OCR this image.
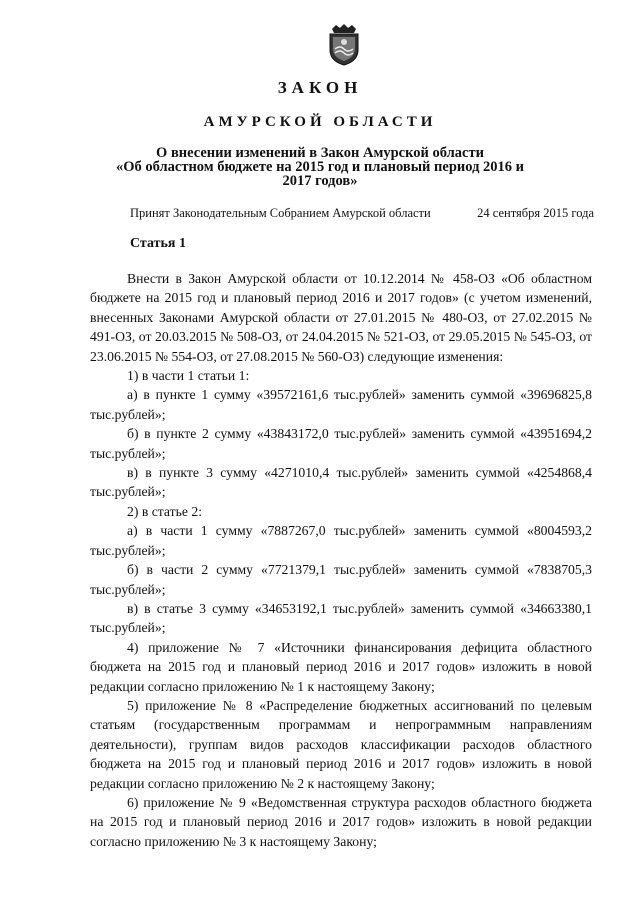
ЗАКОН
АМУРСКОЙ ОБЛАСТИ
О внесении изменений в Закон Амурской области
«Об областном бюджете на 2015 год и плановый период 2016 и
2017 годов»
Принят Законодательным Собранием Амурской области	24 сентября 2015 года
Статья 1

Внести в Закон Амурской области от 10.12.2014 № 458-ОЗ «Об областном бюджете на 2015 год и плановый период 2016 и 2017 годов» (с учетом изменений, внесенных Законами Амурской области от 27.01.2015 № 480-ОЗ, от 27.02.2015 № 491-ОЗ, от 20.03.2015 № 508-ОЗ, от 24.04.2015 № 521-ОЗ, от 29.05.2015 № 545-ОЗ, от 23.06.2015 № 554-ОЗ, от 27.08.2015 № 560-ОЗ) следующие изменения:

1) в части 1 статьи 1:

а) в пункте 1 сумму «39572161,6 тыс.рублей» заменить суммой «39696825,8 тыс.рублей»;

б) в пункте 2 сумму «43843172,0 тыс.рублей» заменить суммой «43951694,2 тыс.рублей»;

в) в пункте 3 сумму «4271010,4 тыс.рублей» заменить суммой «4254868,4 тыс.рублей»;

2) в статье 2:

а) в части 1 сумму «7887267,0 тыс.рублей» заменить суммой «8004593,2 тыс.рублей»;

б) в части 2 сумму «7721379,1 тыс.рублей» заменить суммой «7838705,3 тыс.рублей»;

в) в статье 3 сумму «34653192,1 тыс.рублей» заменить суммой «34663380,1 тыс.рублей»;

4) приложение № 7 «Источники финансирования дефицита областного бюджета на 2015 год и плановый период 2016 и 2017 годов» изложить в новой редакции согласно приложению № 1 к настоящему Закону;

5) приложение № 8 «Распределение бюджетных ассигнований по целевым статьям (государственным программам и непрограммным направлениям деятельности), группам видов расходов классификации расходов областного бюджета на 2015 год и плановый период 2016 и 2017 годов» изложить в новой редакции согласно приложению № 2 к настоящему Закону;

6) приложение № 9 «Ведомственная структура расходов областного бюджета на 2015 год и плановый период 2016 и 2017 годов» изложить в новой редакции согласно приложению № 3 к настоящему Закону;
